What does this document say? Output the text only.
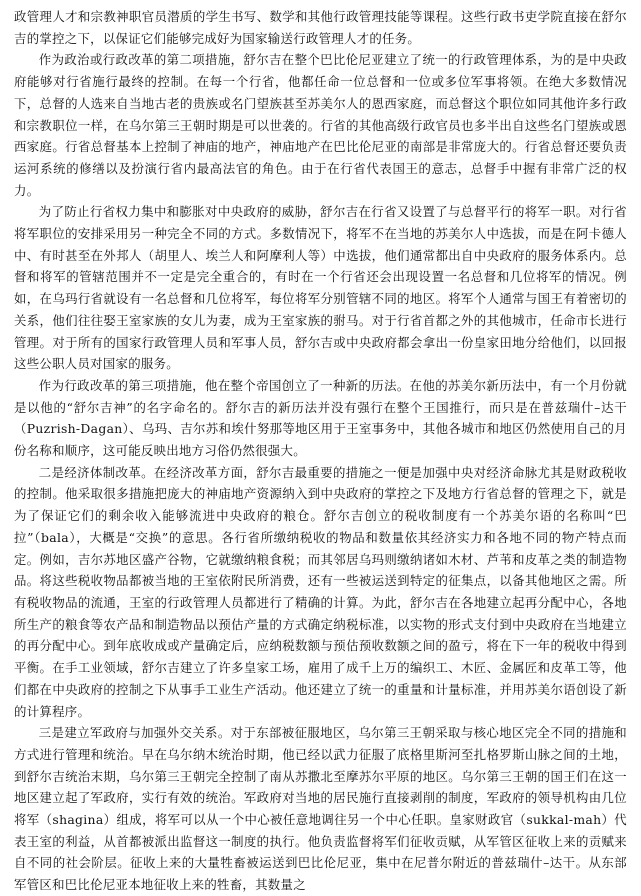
政管理人才和宗教神职官员潜质的学生书写、数学和其他行政管理技能等课程。这些行政书吏学院直接在舒尔吉的掌控之下，以保证它们能够完成好为国家输送行政管理人才的任务。

作为政治或行政改革的第二项措施，舒尔吉在整个巴比伦尼亚建立了统一的行政管理体系，为的是中央政府能够对行省施行最终的控制。在每一个行省，他都任命一位总督和一位或多位军事将领。在绝大多数情况下，总督的人选来自当地古老的贵族或名门望族甚至苏美尔人的恩西家庭，而总督这个职位如同其他许多行政和宗教职位一样，在乌尔第三王朝时期是可以世袭的。行省的其他高级行政官员也多半出自这些名门望族或恩西家庭。行省总督基本上控制了神庙的地产，神庙地产在巴比伦尼亚的南部是非常庞大的。行省总督还要负责运河系统的修缮以及扮演行省内最高法官的角色。由于在行省代表国王的意志，总督手中握有非常广泛的权力。

为了防止行省权力集中和膨胀对中央政府的威胁，舒尔吉在行省又设置了与总督平行的将军一职。对行省将军职位的安排采用另一种完全不同的方式。多数情况下，将军不在当地的苏美尔人中选拔，而是在阿卡德人中、有时甚至在外邦人（胡里人、埃兰人和阿摩利人等）中选拔，他们通常都出自中央政府的服务体系内。总督和将军的管辖范围并不一定是完全重合的，有时在一个行省还会出现设置一名总督和几位将军的情况。例如，在乌玛行省就设有一名总督和几位将军，每位将军分别管辖不同的地区。将军个人通常与国王有着密切的关系，他们往往娶王室家族的女儿为妻，成为王室家族的驸马。对于行省首都之外的其他城市，任命市长进行管理。对于所有的国家行政管理人员和军事人员，舒尔吉或中央政府都会拿出一份皇家田地分给他们，以回报这些公职人员对国家的服务。

作为行政改革的第三项措施，他在整个帝国创立了一种新的历法。在他的苏美尔新历法中，有一个月份就是以他的“舒尔吉神”的名字命名的。舒尔吉的新历法并没有强行在整个王国推行，而只是在普兹瑞什–达干（Puzrish-Dagan）、乌玛、吉尔苏和埃什努那等地区用于王室事务中，其他各城市和地区仍然使用自己的月份名称和顺序，这可能反映出地方习俗仍然很强大。

二是经济体制改革。在经济改革方面，舒尔吉最重要的措施之一便是加强中央对经济命脉尤其是财政税收的控制。他采取很多措施把庞大的神庙地产资源纳入到中央政府的掌控之下及地方行省总督的管理之下，就是为了保证它们的剩余收入能够流进中央政府的粮仓。舒尔吉创立的税收制度有一个苏美尔语的名称叫“巴拉”（bala），大概是“交换”的意思。各行省所缴纳税收的物品和数量依其经济实力和各地不同的物产特点而定。例如，吉尔苏地区盛产谷物，它就缴纳粮食税；而其邻居乌玛则缴纳诸如木材、芦苇和皮革之类的制造物品。将这些税收物品都被当地的王室依附民所消费，还有一些被运送到特定的征集点，以备其他地区之需。所有税收物品的流通，王室的行政管理人员都进行了精确的计算。为此，舒尔吉在各地建立起再分配中心，各地所生产的粮食等农产品和制造物品以预估产量的方式确定纳税标准，以实物的形式支付到中央政府在当地建立的再分配中心。到年底收成或产量确定后，应纳税数额与预估预收数额之间的盈亏，将在下一年的税收中得到平衡。在手工业领域，舒尔吉建立了许多皇家工场，雇用了成千上万的编织工、木匠、金属匠和皮革工等，他们都在中央政府的控制之下从事手工业生产活动。他还建立了统一的重量和计量标准，并用苏美尔语创设了新的计算程序。

三是建立军政府与加强外交关系。对于东部被征服地区，乌尔第三王朝采取与核心地区完全不同的措施和方式进行管理和统治。早在乌尔纳木统治时期，他已经以武力征服了底格里斯河至扎格罗斯山脉之间的土地，到舒尔吉统治末期，乌尔第三王朝完全控制了南从苏撒北至摩苏尔平原的地区。乌尔第三王朝的国王们在这一地区建立起了军政府，实行有效的统治。军政府对当地的居民施行直接剥削的制度，军政府的领导机构由几位将军（shagina）组成，将军可以从一个中心被任意地调往另一个中心任职。皇家财政官（sukkal-mah）代表王室的利益，从首都被派出监督这一制度的执行。他负责监督将军们征收贡赋，从军管区征收上来的贡赋来自不同的社会阶层。征收上来的大量牲畜被运送到巴比伦尼亚，集中在尼普尔附近的普兹瑞什–达干。从东部军管区和巴比伦尼亚本地征收上来的牲畜，其数量之
